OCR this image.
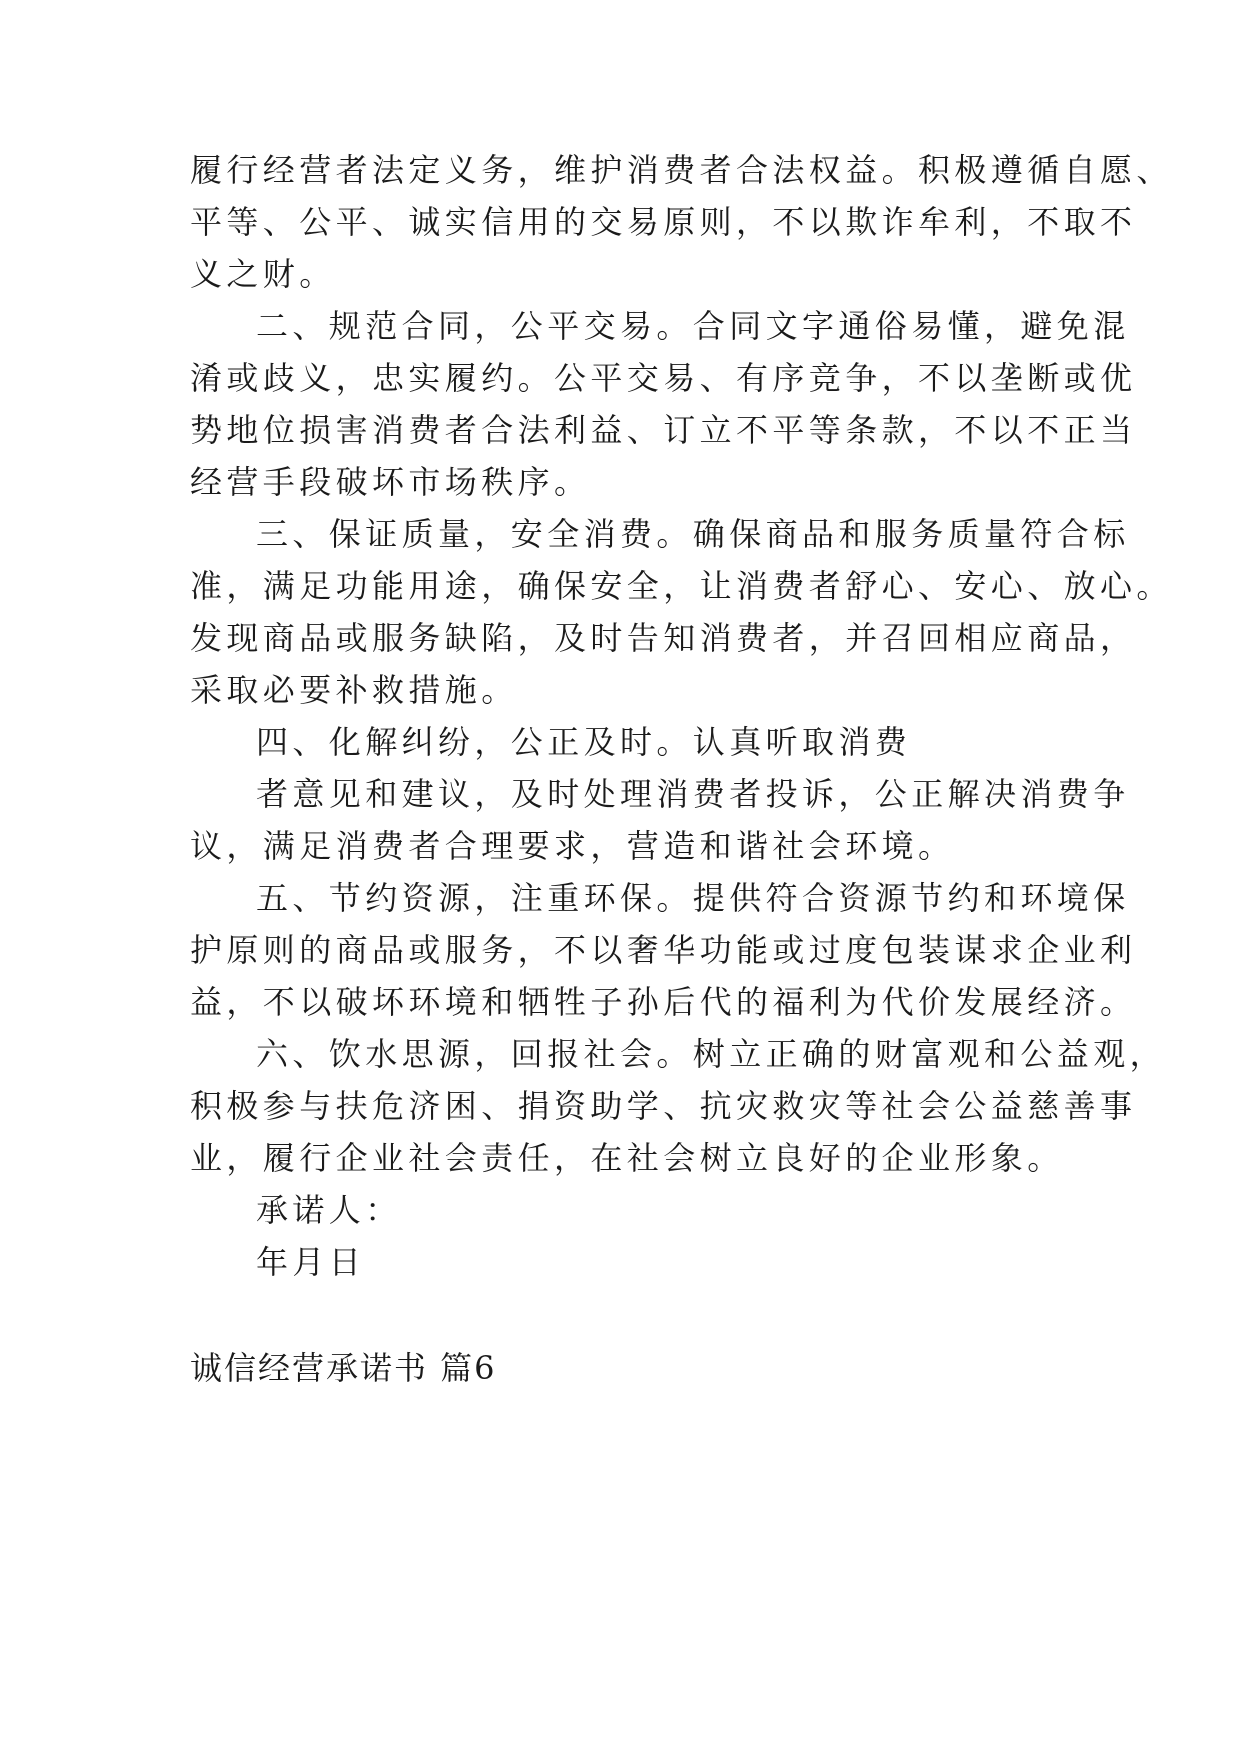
履行经营者法定义务，维护消费者合法权益。积极遵循自愿、

平等、公平、诚实信用的交易原则，不以欺诈牟利，不取不

义之财。

二、规范合同，公平交易。合同文字通俗易懂，避免混

淆或歧义，忠实履约。公平交易、有序竞争，不以垄断或优

势地位损害消费者合法利益、订立不平等条款，不以不正当

经营手段破坏市场秩序。

三、保证质量，安全消费。确保商品和服务质量符合标

准，满足功能用途，确保安全，让消费者舒心、安心、放心。

发现商品或服务缺陷，及时告知消费者，并召回相应商品，

采取必要补救措施。

四、化解纠纷，公正及时。认真听取消费

者意见和建议，及时处理消费者投诉，公正解决消费争

议，满足消费者合理要求，营造和谐社会环境。

五、节约资源，注重环保。提供符合资源节约和环境保

护原则的商品或服务，不以奢华功能或过度包装谋求企业利

益，不以破坏环境和牺牲子孙后代的福利为代价发展经济。

六、饮水思源，回报社会。树立正确的财富观和公益观，

积极参与扶危济困、捐资助学、抗灾救灾等社会公益慈善事

业，履行企业社会责任，在社会树立良好的企业形象。

承诺人：

年月日

诚信经营承诺书 篇6
